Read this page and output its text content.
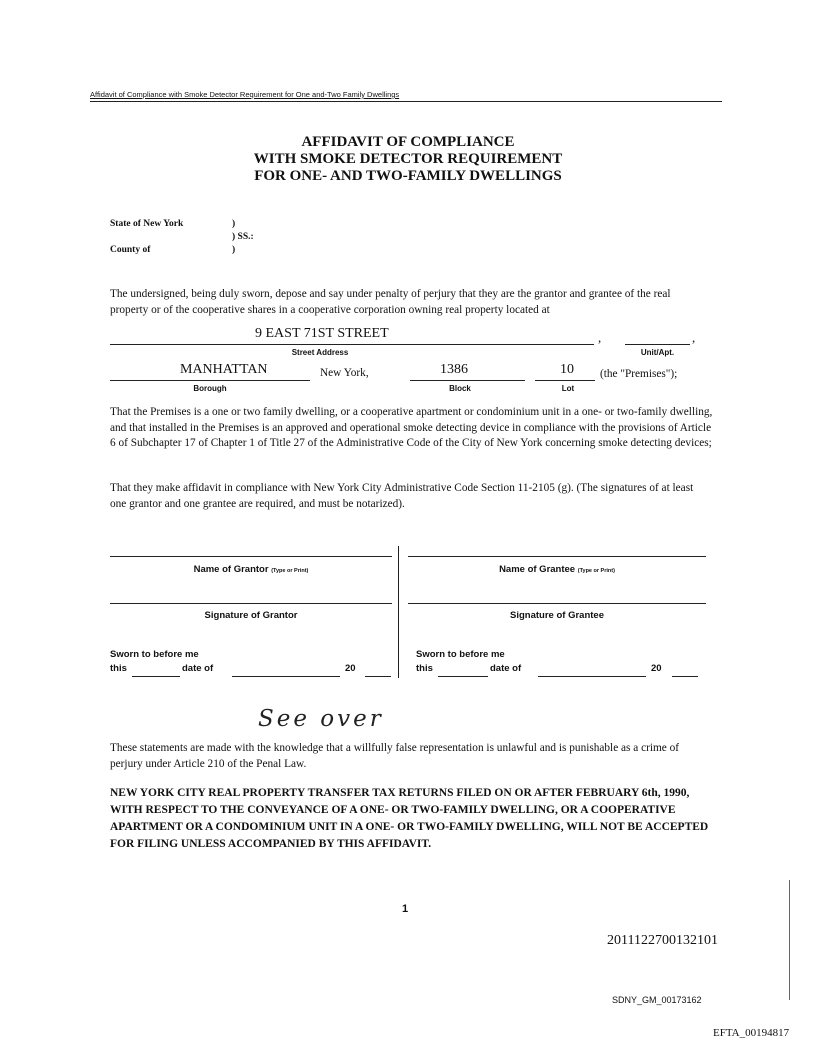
Affidavit of Compliance with Smoke Detector Requirement for One and-Two Family Dwellings
AFFIDAVIT OF COMPLIANCE
WITH SMOKE DETECTOR REQUIREMENT
FOR ONE- AND TWO-FAMILY DWELLINGS
State of New York	)
) SS.:
County of	)
The undersigned, being duly sworn, depose and say under penalty of perjury that they are the grantor and grantee of the real property or of the cooperative shares in a cooperative corporation owning real property located at
9 EAST 71ST STREET	,	,
Street Address	Unit/Apt.
MANHATTAN	New York,	1386	10 (the "Premises");
Borough	Block	Lot
That the Premises is a one or two family dwelling, or a cooperative apartment or condominium unit in a one- or two-family dwelling, and that installed in the Premises is an approved and operational smoke detecting device in compliance with the provisions of Article 6 of Subchapter 17 of Chapter 1 of Title 27 of the Administrative Code of the City of New York concerning smoke detecting devices;
That they make affidavit in compliance with New York City Administrative Code Section 11-2105 (g). (The signatures of at least one grantor and one grantee are required, and must be notarized).
Name of Grantor (Type or Print)
Signature of Grantor
Name of Grantee (Type or Print)
Signature of Grantee
Sworn to before me
this	date of	20
Sworn to before me
this	date of	20
See over
These statements are made with the knowledge that a willfully false representation is unlawful and is punishable as a crime of perjury under Article 210 of the Penal Law.
NEW YORK CITY REAL PROPERTY TRANSFER TAX RETURNS FILED ON OR AFTER FEBRUARY 6th, 1990, WITH RESPECT TO THE CONVEYANCE OF A ONE- OR TWO-FAMILY DWELLING, OR A COOPERATIVE APARTMENT OR A CONDOMINIUM UNIT IN A ONE- OR TWO-FAMILY DWELLING, WILL NOT BE ACCEPTED FOR FILING UNLESS ACCOMPANIED BY THIS AFFIDAVIT.
1
2011122700132101
SDNY_GM_00173162
EFTA_00194817
